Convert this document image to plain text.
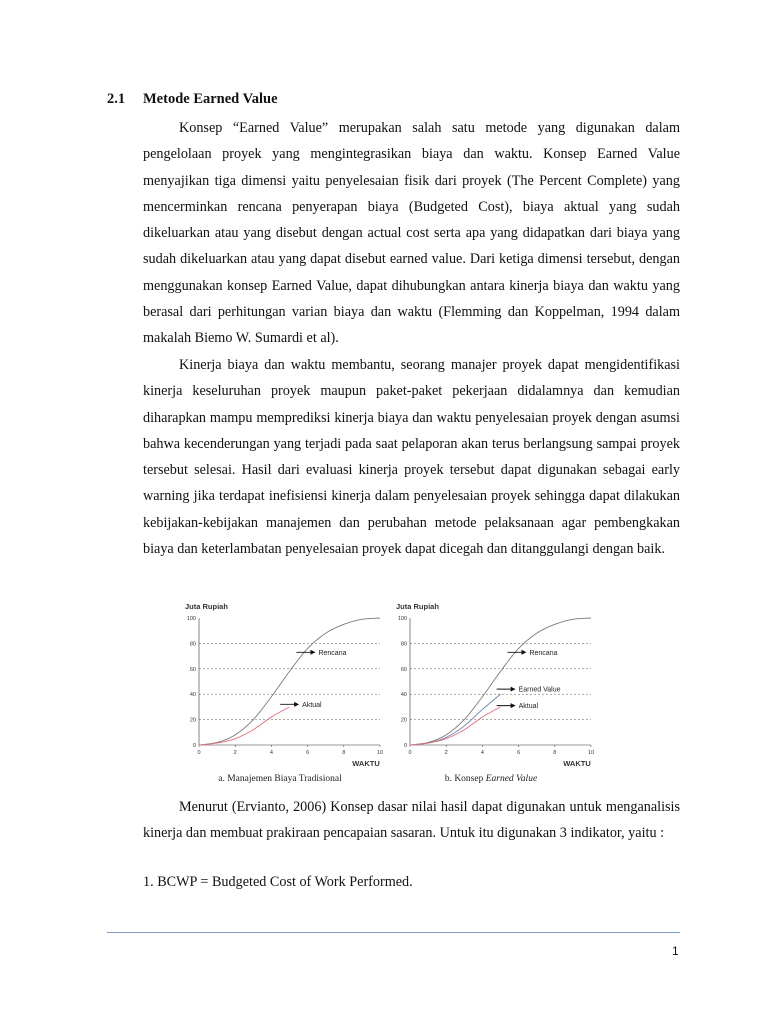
2.1 Metode Earned Value

Konsep “Earned Value” merupakan salah satu metode yang digunakan dalam pengelolaan proyek yang mengintegrasikan biaya dan waktu. Konsep Earned Value menyajikan tiga dimensi yaitu penyelesaian fisik dari proyek (The Percent Complete) yang mencerminkan rencana penyerapan biaya (Budgeted Cost), biaya aktual yang sudah dikeluarkan atau yang disebut dengan actual cost serta apa yang didapatkan dari biaya yang sudah dikeluarkan atau yang dapat disebut earned value. Dari ketiga dimensi tersebut, dengan menggunakan konsep Earned Value, dapat dihubungkan antara kinerja biaya dan waktu yang berasal dari perhitungan varian biaya dan waktu (Flemming dan Koppelman, 1994 dalam makalah Biemo W. Sumardi et al).

Kinerja biaya dan waktu membantu, seorang manajer proyek dapat mengidentifikasi kinerja keseluruhan proyek maupun paket-paket pekerjaan didalamnya dan kemudian diharapkan mampu memprediksi kinerja biaya dan waktu penyelesaian proyek dengan asumsi bahwa kecenderungan yang terjadi pada saat pelaporan akan terus berlangsung sampai proyek tersebut selesai. Hasil dari evaluasi kinerja proyek tersebut dapat digunakan sebagai early warning jika terdapat inefisiensi kinerja dalam penyelesaian proyek sehingga dapat dilakukan kebijakan-kebijakan manajemen dan perubahan metode pelaksanaan agar pembengkakan biaya dan keterlambatan penyelesaian proyek dapat dicegah dan ditanggulangi dengan baik.

Juta Rupiah
0
20
40
60
80
100
0	2	4	6	8	10
WAKTU
Rencana
Aktual
a. Manajemen Biaya Tradisional
Juta Rupiah
0
20
40
60
80
100
0	2	4	6	8	10
WAKTU
Rencana
Earned Value
Aktual
b. Konsep Earned Value

Menurut (Ervianto, 2006) Konsep dasar nilai hasil dapat digunakan untuk menganalisis kinerja dan membuat prakiraan pencapaian sasaran. Untuk itu digunakan 3 indikator, yaitu :

1. BCWP = Budgeted Cost of Work Performed.
1
